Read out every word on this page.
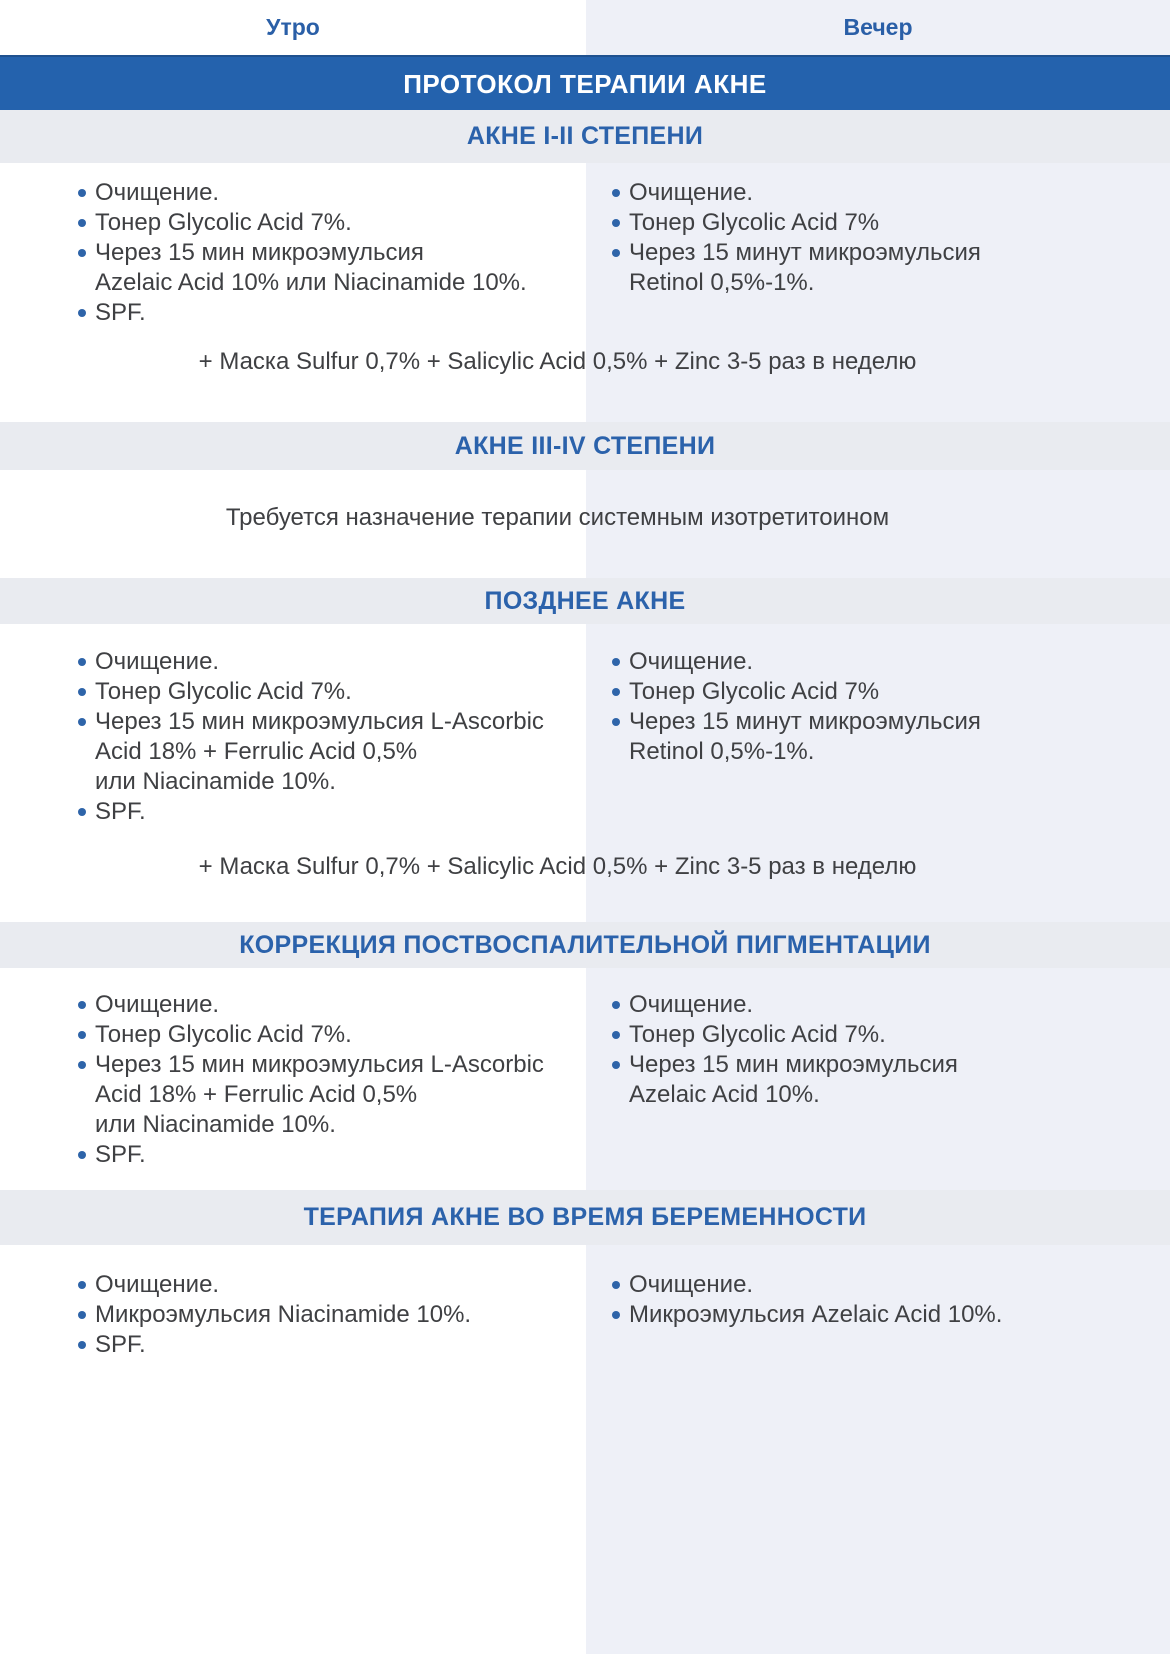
Утро	Вечер
ПРОТОКОЛ ТЕРАПИИ АКНЕ
АКНЕ I-II СТЕПЕНИ
Очищение.
Тонер Glycolic Acid 7%.
Через 15 мин микроэмульсия
Azelaic Acid 10% или Niacinamide 10%.
SPF.
Очищение.
Тонер Glycolic Acid 7%
Через 15 минут микроэмульсия
Retinol 0,5%-1%.
+ Маска Sulfur 0,7% + Salicylic Acid 0,5% + Zinc 3-5 раз в неделю
АКНЕ III-IV СТЕПЕНИ
Требуется назначение терапии системным изотретитоином
ПОЗДНЕЕ АКНЕ
Очищение.
Тонер Glycolic Acid 7%.
Через 15 мин микроэмульсия L-Ascorbic
Acid 18% + Ferrulic Acid 0,5%
или Niacinamide 10%.
SPF.
Очищение.
Тонер Glycolic Acid 7%
Через 15 минут микроэмульсия
Retinol 0,5%-1%.
+ Маска Sulfur 0,7% + Salicylic Acid 0,5% + Zinc 3-5 раз в неделю
КОРРЕКЦИЯ ПОСТВОСПАЛИТЕЛЬНОЙ ПИГМЕНТАЦИИ
Очищение.
Тонер Glycolic Acid 7%.
Через 15 мин микроэмульсия L-Ascorbic
Acid 18% + Ferrulic Acid 0,5%
или Niacinamide 10%.
SPF.
Очищение.
Тонер Glycolic Acid 7%.
Через 15 мин микроэмульсия
Azelaic Acid 10%.
ТЕРАПИЯ АКНЕ ВО ВРЕМЯ БЕРЕМЕННОСТИ
Очищение.
Микроэмульсия Niacinamide 10%.
SPF.
Очищение.
Микроэмульсия Azelaic Acid 10%.
